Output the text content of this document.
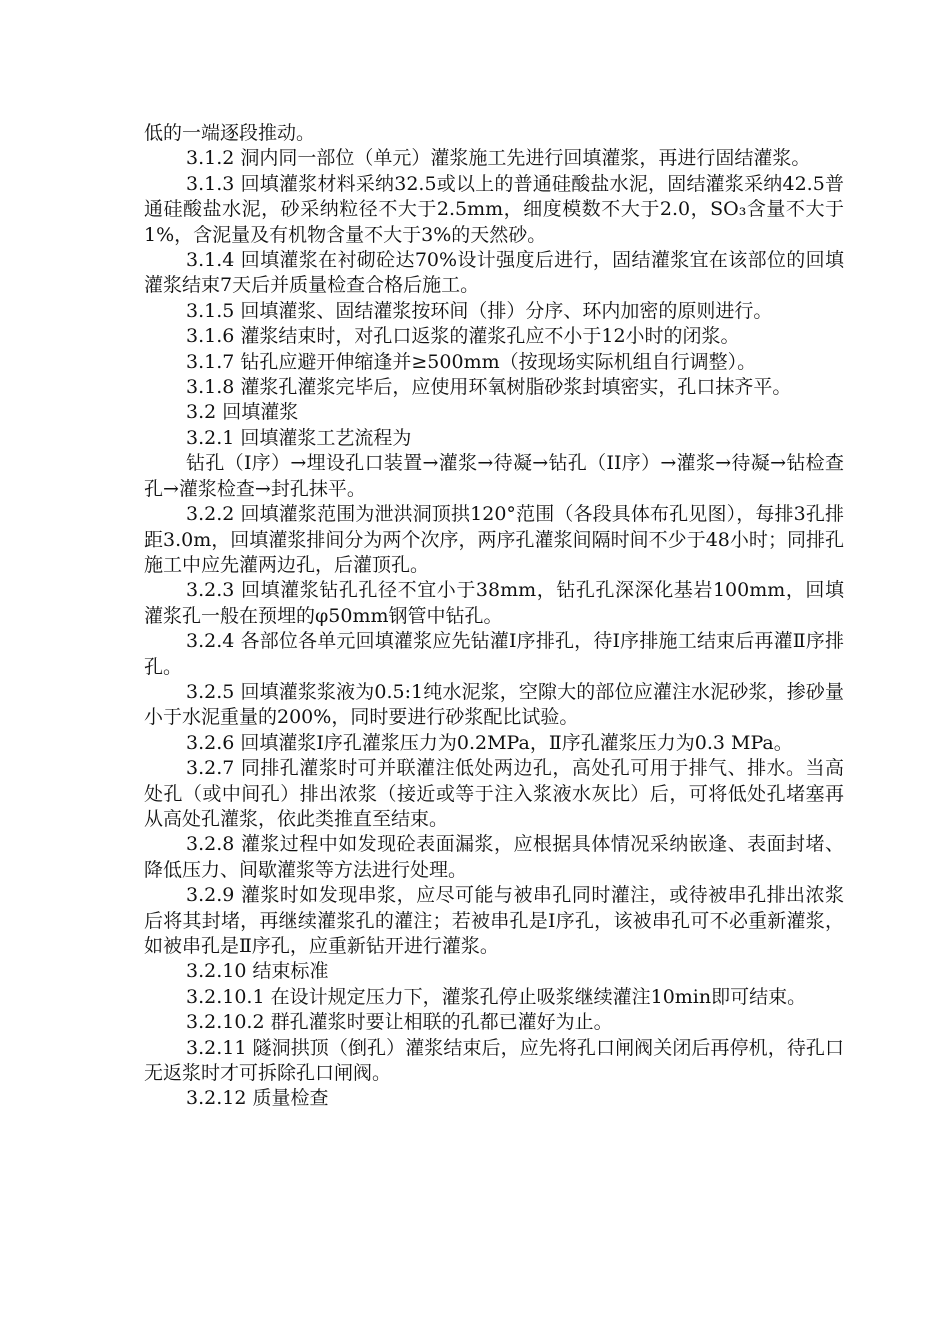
低的一端逐段推动。

3.1.2 洞内同一部位（单元）灌浆施工先进行回填灌浆，再进行固结灌浆。

3.1.3 回填灌浆材料采纳32.5或以上的普通硅酸盐水泥，固结灌浆采纳42.5普通硅酸盐水泥，砂采纳粒径不大于2.5mm，细度模数不大于2.0，SO₃含量不大于1%，含泥量及有机物含量不大于3%的天然砂。

3.1.4 回填灌浆在衬砌砼达70%设计强度后进行，固结灌浆宜在该部位的回填灌浆结束7天后并质量检查合格后施工。

3.1.5 回填灌浆、固结灌浆按环间（排）分序、环内加密的原则进行。

3.1.6 灌浆结束时，对孔口返浆的灌浆孔应不小于12小时的闭浆。

3.1.7 钻孔应避开伸缩逢并≥500mm（按现场实际机组自行调整）。

3.1.8 灌浆孔灌浆完毕后，应使用环氧树脂砂浆封填密实，孔口抹齐平。

3.2 回填灌浆

3.2.1 回填灌浆工艺流程为

钻孔（I序）→埋设孔口装置→灌浆→待凝→钻孔（II序）→灌浆→待凝→钻检查孔→灌浆检查→封孔抹平。

3.2.2 回填灌浆范围为泄洪洞顶拱120°范围（各段具体布孔见图），每排3孔排距3.0m，回填灌浆排间分为两个次序，两序孔灌浆间隔时间不少于48小时；同排孔施工中应先灌两边孔，后灌顶孔。

3.2.3 回填灌浆钻孔孔径不宜小于38mm，钻孔孔深深化基岩100mm，回填灌浆孔一般在预埋的φ50mm钢管中钻孔。

3.2.4 各部位各单元回填灌浆应先钻灌Ⅰ序排孔，待Ⅰ序排施工结束后再灌Ⅱ序排孔。

3.2.5 回填灌浆浆液为0.5:1纯水泥浆，空隙大的部位应灌注水泥砂浆，掺砂量小于水泥重量的200%，同时要进行砂浆配比试验。

3.2.6 回填灌浆Ⅰ序孔灌浆压力为0.2MPa，Ⅱ序孔灌浆压力为0.3 MPa。

3.2.7 同排孔灌浆时可并联灌注低处两边孔，高处孔可用于排气、排水。当高处孔（或中间孔）排出浓浆（接近或等于注入浆液水灰比）后，可将低处孔堵塞再从高处孔灌浆，依此类推直至结束。

3.2.8 灌浆过程中如发现砼表面漏浆，应根据具体情况采纳嵌逢、表面封堵、降低压力、间歇灌浆等方法进行处理。

3.2.9 灌浆时如发现串浆，应尽可能与被串孔同时灌注，或待被串孔排出浓浆后将其封堵，再继续灌浆孔的灌注；若被串孔是Ⅰ序孔，该被串孔可不必重新灌浆，如被串孔是Ⅱ序孔，应重新钻开进行灌浆。

3.2.10 结束标准

3.2.10.1 在设计规定压力下，灌浆孔停止吸浆继续灌注10min即可结束。

3.2.10.2 群孔灌浆时要让相联的孔都已灌好为止。

3.2.11 隧洞拱顶（倒孔）灌浆结束后，应先将孔口闸阀关闭后再停机，待孔口无返浆时才可拆除孔口闸阀。

3.2.12 质量检查
